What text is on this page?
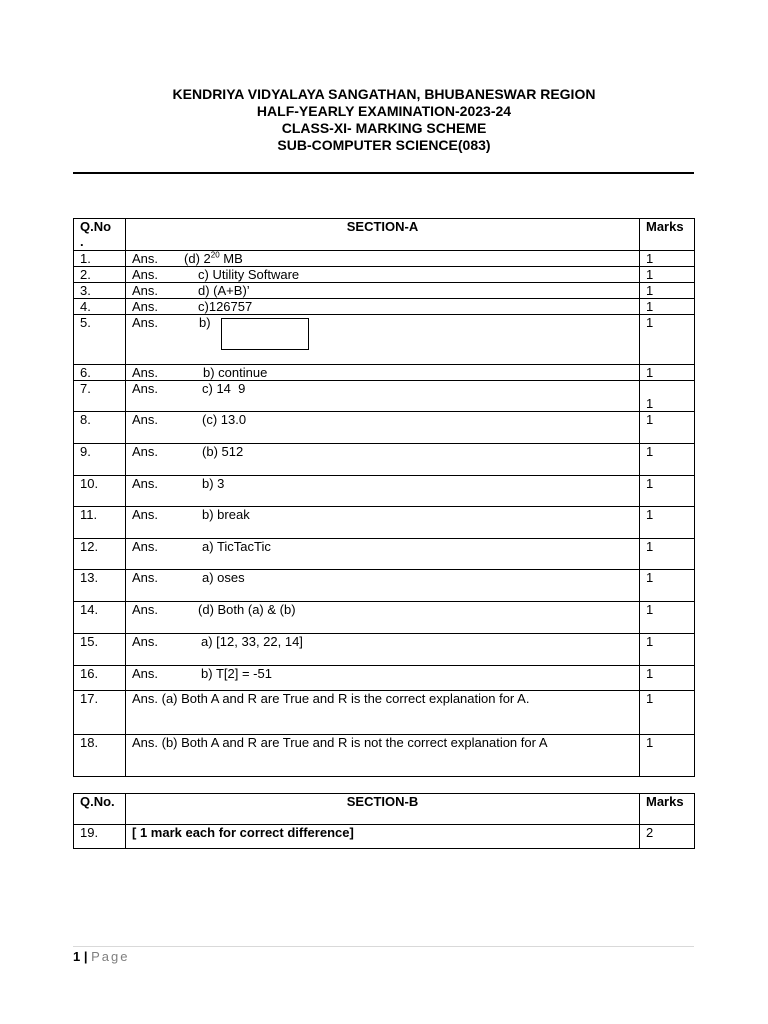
KENDRIYA VIDYALAYA SANGATHAN, BHUBANESWAR REGION
HALF-YEARLY EXAMINATION-2023-24
CLASS-XI- MARKING SCHEME
SUB-COMPUTER SCIENCE(083)
Q.No
.	SECTION-A	Marks
1.	Ans. (d) $2^{20}$ MB	1
2.	Ans. c) Utility Software	1
3.	Ans. d) (A+B)’	1
4.	Ans. c)126757	1
5.	Ans. b)	1
6.	Ans. b) continue	1
7.	Ans. c) 14  9	1
8.	Ans. (c) 13.0	1
9.	Ans. (b) 512	1
10.	Ans. b) 3	1
11.	Ans. b) break	1
12.	Ans. a) TicTacTic	1
13.	Ans. a) oses	1
14.	Ans. (d) Both (a) & (b)	1
15.	Ans. a) [12, 33, 22, 14]	1
16.	Ans. b) T[2] = -51	1
17.	Ans. (a) Both A and R are True and R is the correct explanation for A.	1
18.	Ans. (b) Both A and R are True and R is not the correct explanation for A	1
Q.No.	SECTION-B	Marks
19.	[ 1 mark each for correct difference]	2
1 | Page
